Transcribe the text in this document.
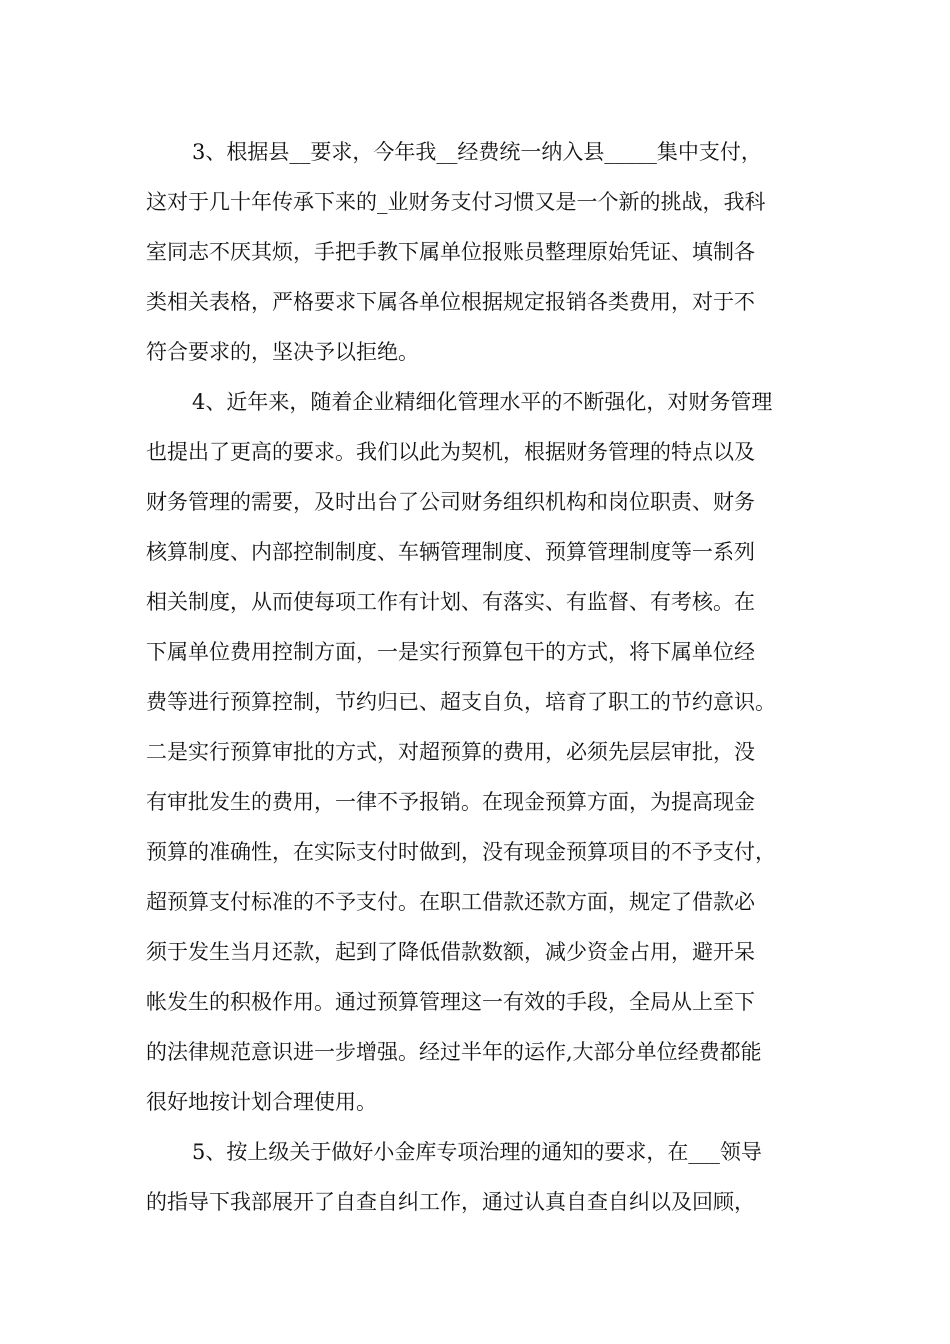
3、根据县__要求，今年我__经费统一纳入县_____集中支付，
这对于几十年传承下来的_业财务支付习惯又是一个新的挑战，我科
室同志不厌其烦，手把手教下属单位报账员整理原始凭证、填制各
类相关表格，严格要求下属各单位根据规定报销各类费用，对于不
符合要求的，坚决予以拒绝。
4、近年来，随着企业精细化管理水平的不断强化，对财务管理
也提出了更高的要求。我们以此为契机，根据财务管理的特点以及
财务管理的需要，及时出台了公司财务组织机构和岗位职责、财务
核算制度、内部控制制度、车辆管理制度、预算管理制度等一系列
相关制度，从而使每项工作有计划、有落实、有监督、有考核。在
下属单位费用控制方面，一是实行预算包干的方式，将下属单位经
费等进行预算控制，节约归已、超支自负，培育了职工的节约意识。
二是实行预算审批的方式，对超预算的费用，必须先层层审批，没
有审批发生的费用，一律不予报销。在现金预算方面，为提高现金
预算的准确性，在实际支付时做到，没有现金预算项目的不予支付，
超预算支付标准的不予支付。在职工借款还款方面，规定了借款必
须于发生当月还款，起到了降低借款数额，减少资金占用，避开呆
帐发生的积极作用。通过预算管理这一有效的手段，全局从上至下
的法律规范意识进一步增强。经过半年的运作,大部分单位经费都能
很好地按计划合理使用。
5、按上级关于做好小金库专项治理的通知的要求，在___领导
的指导下我部展开了自查自纠工作，通过认真自查自纠以及回顾，
